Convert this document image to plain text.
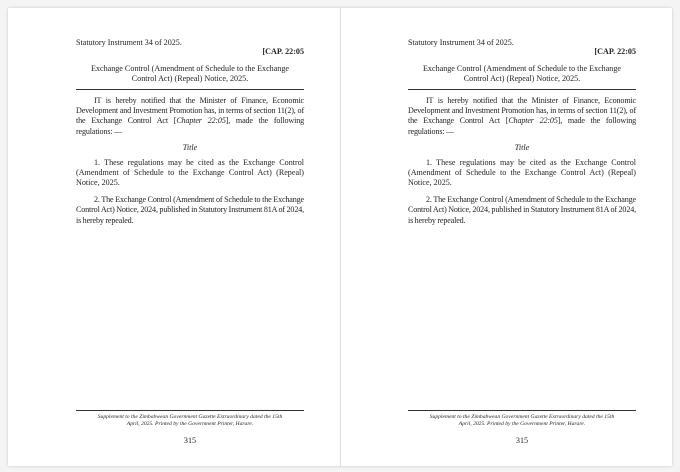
Statutory Instrument 34 of 2025.
[CAP. 22:05
Exchange Control (Amendment of Schedule to the Exchange Control Act) (Repeal) Notice, 2025.

IT is hereby notified that the Minister of Finance, Economic Development and Investment Promotion has, in terms of section 11(2), of the Exchange Control Act [Chapter 22:05], made the following regulations: —

Title

1. These regulations may be cited as the Exchange Control (Amendment of Schedule to the Exchange Control Act) (Repeal) Notice, 2025.

2. The Exchange Control (Amendment of Schedule to the Exchange Control Act) Notice, 2024, published in Statutory Instrument 81A of 2024, is hereby repealed.

Supplement to the Zimbabwean Government Gazette Extraordinary dated the 15th April, 2025. Printed by the Government Printer, Harare.
315
Statutory Instrument 34 of 2025.
[CAP. 22:05
Exchange Control (Amendment of Schedule to the Exchange Control Act) (Repeal) Notice, 2025.

IT is hereby notified that the Minister of Finance, Economic Development and Investment Promotion has, in terms of section 11(2), of the Exchange Control Act [Chapter 22:05], made the following regulations: —

Title

1. These regulations may be cited as the Exchange Control (Amendment of Schedule to the Exchange Control Act) (Repeal) Notice, 2025.

2. The Exchange Control (Amendment of Schedule to the Exchange Control Act) Notice, 2024, published in Statutory Instrument 81A of 2024, is hereby repealed.

Supplement to the Zimbabwean Government Gazette Extraordinary dated the 15th April, 2025. Printed by the Government Printer, Harare.
315
